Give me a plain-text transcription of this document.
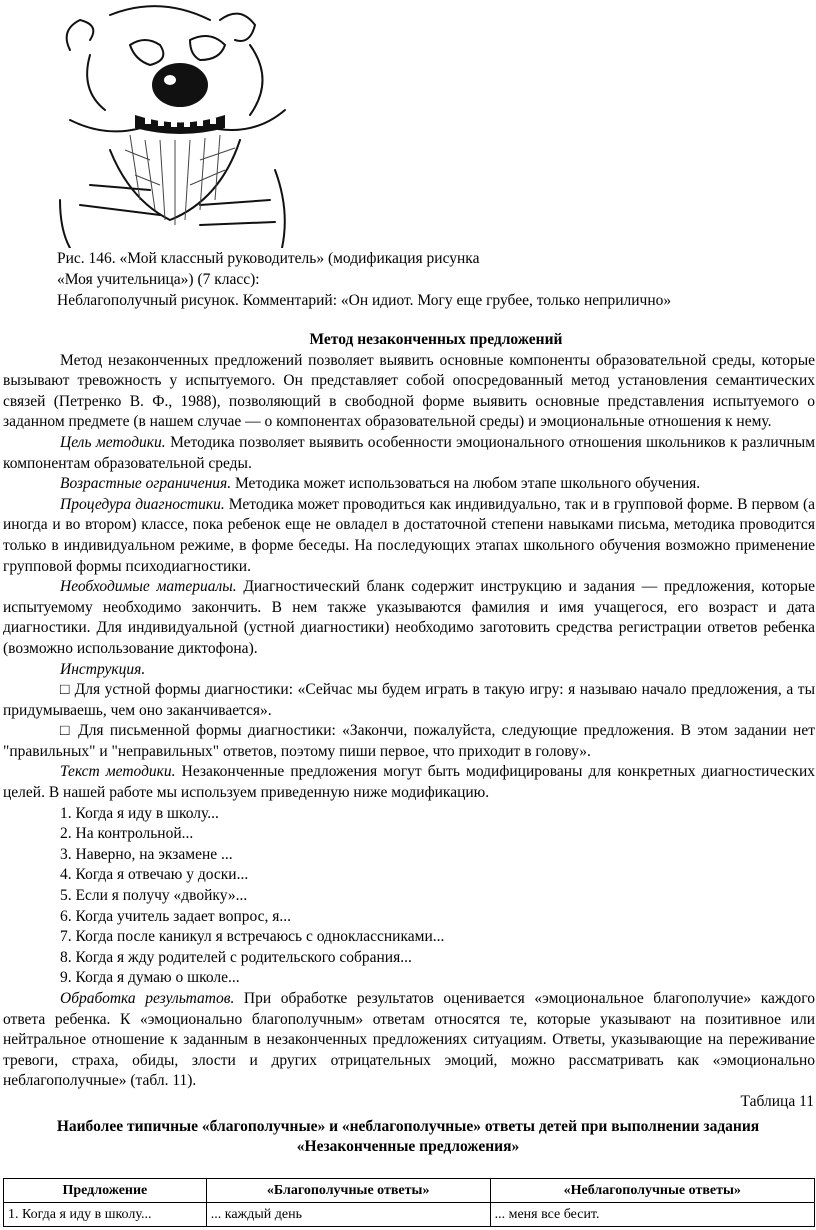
Рис. 146. «Мой классный руководитель» (модификация рисунка
«Моя учительница») (7 класс):
Неблагополучный рисунок. Комментарий: «Он идиот. Могу еще грубее, только неприлично»

Метод незаконченных предложений

Метод незаконченных предложений позволяет выявить основные компоненты образовательной среды, которые вызывают тревожность у испытуемого. Он представляет собой опосредованный метод установления семантических связей (Петренко В. Ф., 1988), позволяющий в свободной форме выявить основные представления испытуемого о заданном предмете (в нашем случае — о компонентах образовательной среды) и эмоциональные отношения к нему.

Цель методики. Методика позволяет выявить особенности эмоционального отношения школьников к различным компонентам образовательной среды.

Возрастные ограничения. Методика может использоваться на любом этапе школьного обучения.

Процедура диагностики. Методика может проводиться как индивидуально, так и в групповой форме. В первом (а иногда и во втором) классе, пока ребенок еще не овладел в достаточной степени навыками письма, методика проводится только в индивидуальном режиме, в форме беседы. На последующих этапах школьного обучения возможно применение групповой формы психодиагностики.

Необходимые материалы. Диагностический бланк содержит инструкцию и задания — предложения, которые испытуемому необходимо закончить. В нем также указываются фамилия и имя учащегося, его возраст и дата диагностики. Для индивидуальной (устной диагностики) необходимо заготовить средства регистрации ответов ребенка (возможно использование диктофона).

Инструкция.

□ Для устной формы диагностики: «Сейчас мы будем играть в такую игру: я называю начало предложения, а ты придумываешь, чем оно заканчивается».

□ Для письменной формы диагностики: «Закончи, пожалуйста, следующие предложения. В этом задании нет "правильных" и "неправильных" ответов, поэтому пиши первое, что приходит в голову».

Текст методики. Незаконченные предложения могут быть модифицированы для конкретных диагностических целей. В нашей работе мы используем приведенную ниже модификацию.

1. Когда я иду в школу...

2. На контрольной...

3. Наверно, на экзамене ...

4. Когда я отвечаю у доски...

5. Если я получу «двойку»...

6. Когда учитель задает вопрос, я...

7. Когда после каникул я встречаюсь с одноклассниками...

8. Когда я жду родителей с родительского собрания...

9. Когда я думаю о школе...

Обработка результатов. При обработке результатов оценивается «эмоциональное благополучие» каждого ответа ребенка. К «эмоционально благополучным» ответам относятся те, которые указывают на позитивное или нейтральное отношение к заданным в незаконченных предложениях ситуациям. Ответы, указывающие на переживание тревоги, страха, обиды, злости и других отрицательных эмоций, можно рассматривать как «эмоционально неблагополучные» (табл. 11).

Таблица 11

Наиболее типичные «благополучные» и «неблагополучные» ответы детей при выполнении задания «Незаконченные предложения»

Предложение	«Благополучные ответы»	«Неблагополучные ответы»
1. Когда я иду в школу...	... каждый день	... меня все бесит.
